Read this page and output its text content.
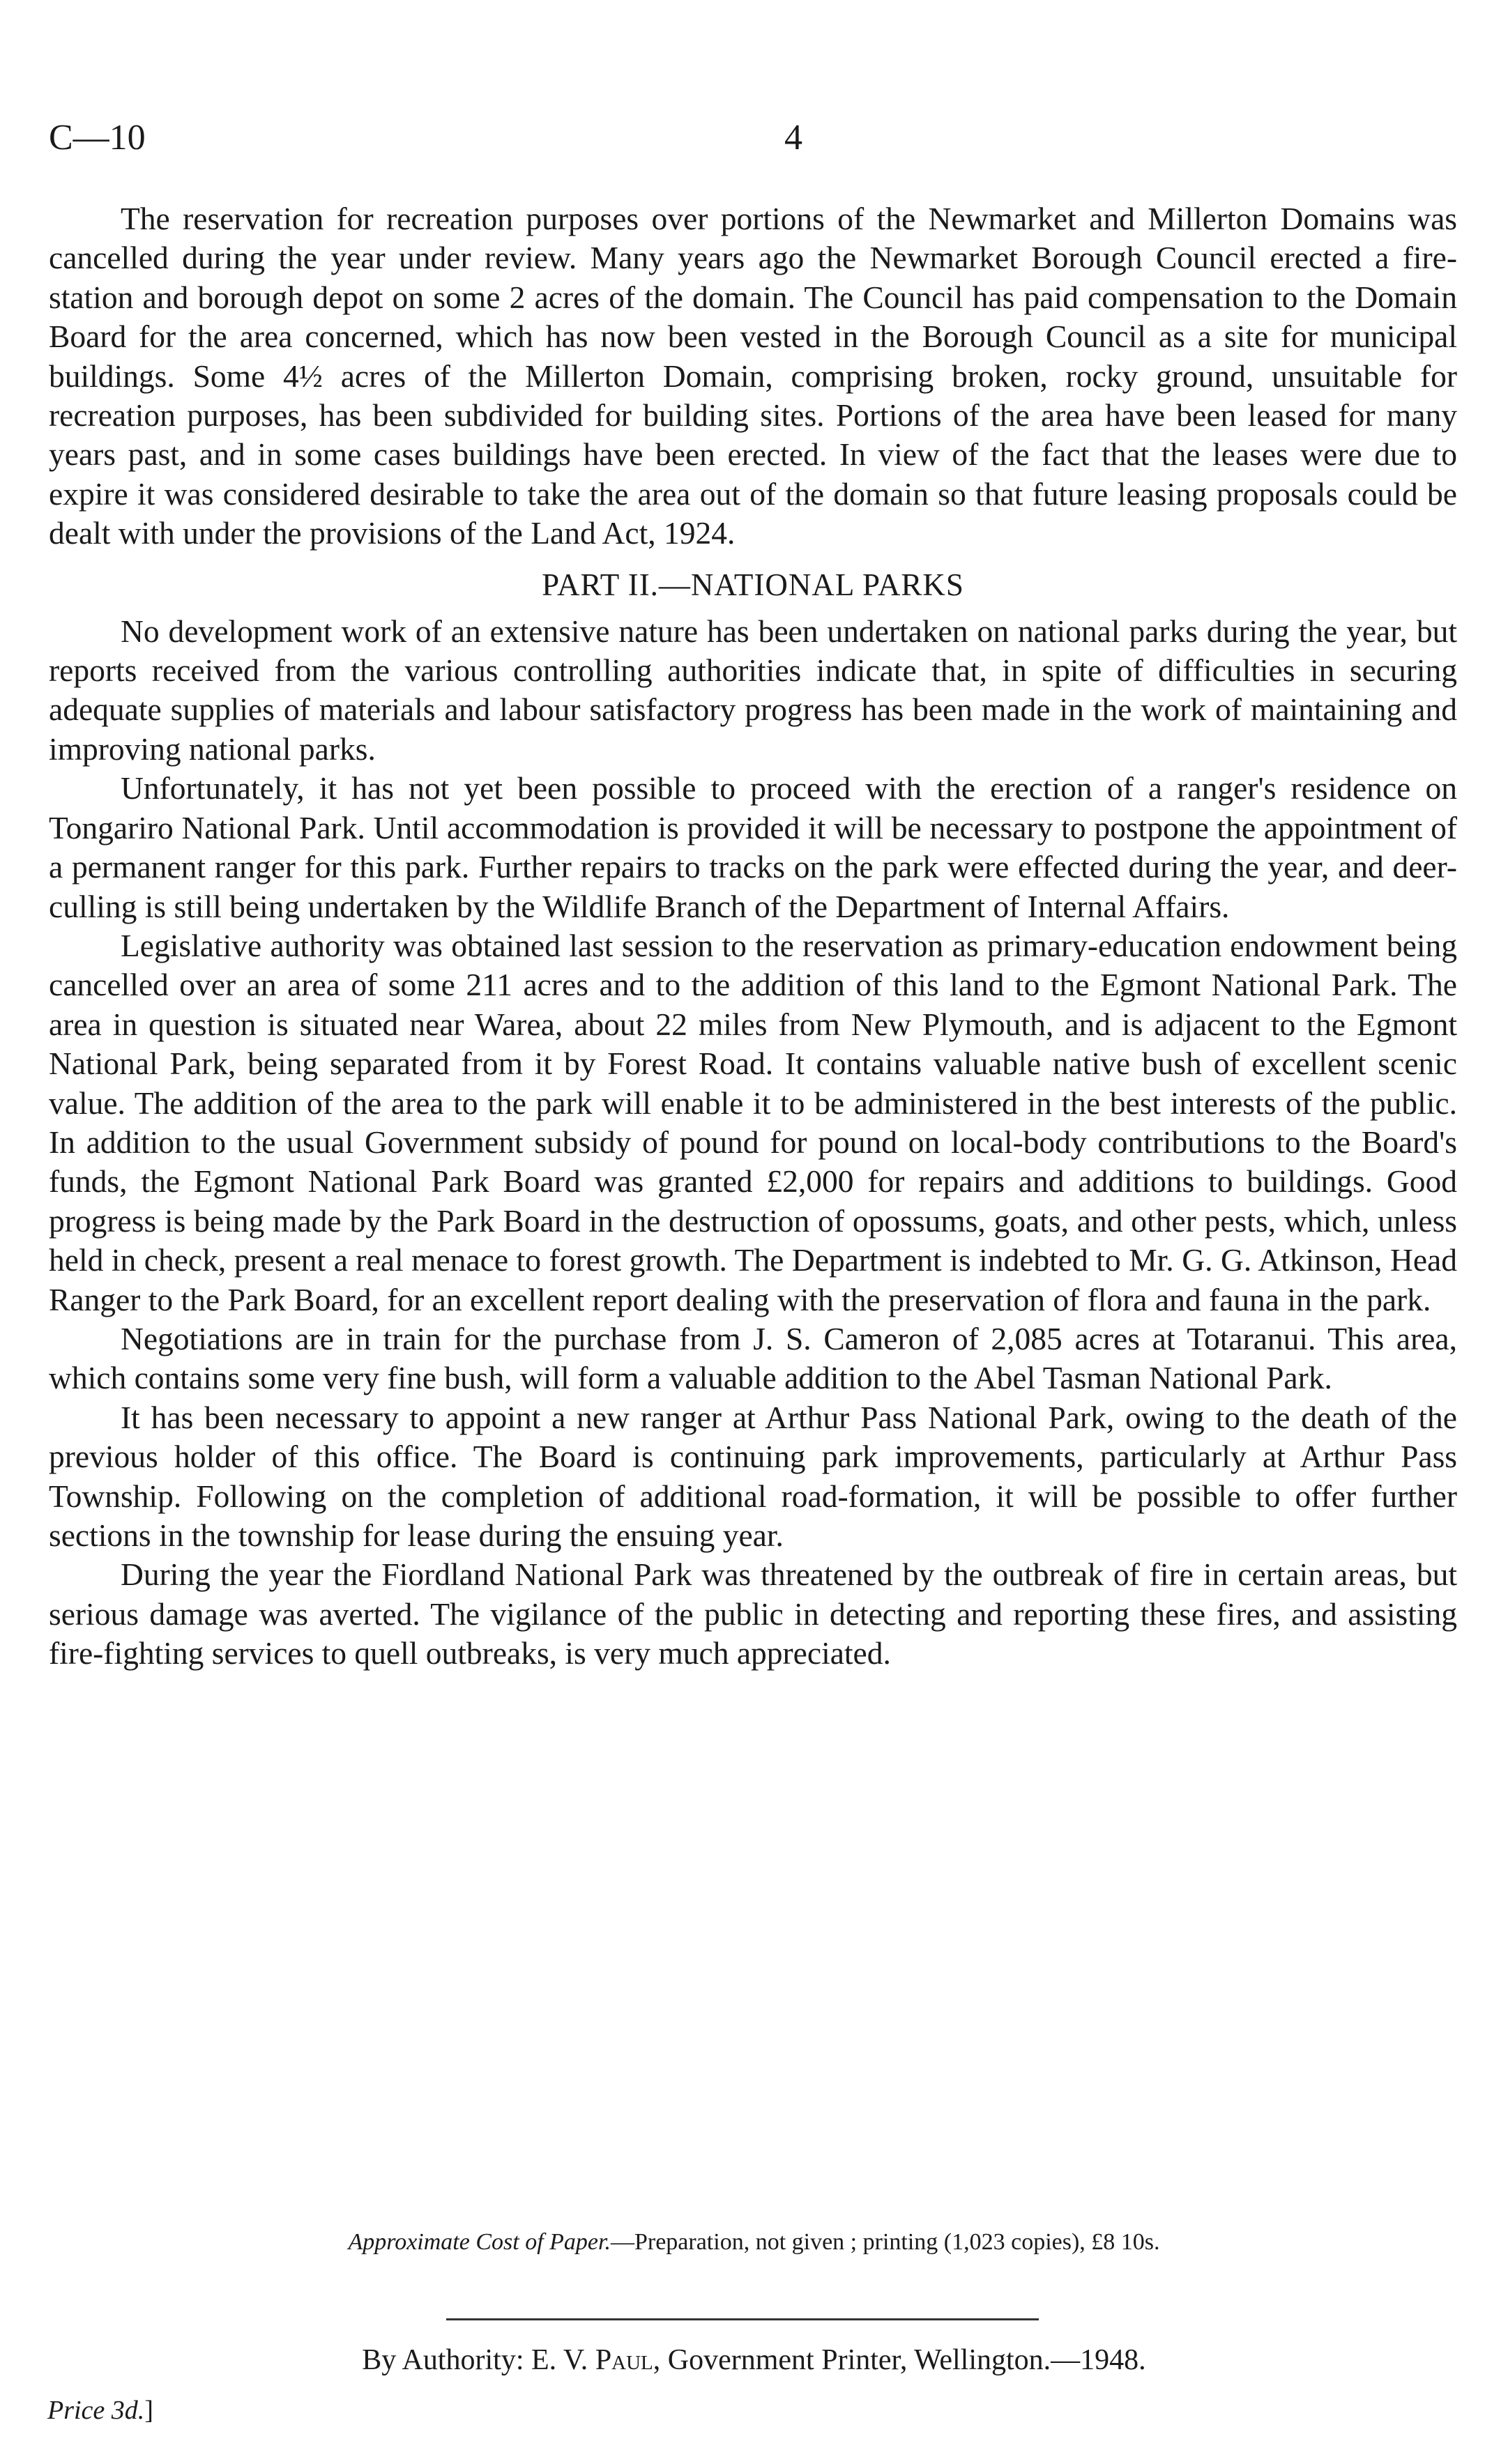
C—10	4

The reservation for recreation purposes over portions of the Newmarket and Millerton Domains was cancelled during the year under review. Many years ago the Newmarket Borough Council erected a fire-station and borough depot on some 2 acres of the domain. The Council has paid compensation to the Domain Board for the area concerned, which has now been vested in the Borough Council as a site for municipal buildings. Some 4½ acres of the Millerton Domain, comprising broken, rocky ground, unsuitable for recreation purposes, has been subdivided for building sites. Portions of the area have been leased for many years past, and in some cases buildings have been erected. In view of the fact that the leases were due to expire it was considered desirable to take the area out of the domain so that future leasing proposals could be dealt with under the provisions of the Land Act, 1924.

PART II.—NATIONAL PARKS

No development work of an extensive nature has been undertaken on national parks during the year, but reports received from the various controlling authorities indicate that, in spite of difficulties in securing adequate supplies of materials and labour satisfactory progress has been made in the work of maintaining and improving national parks.

Unfortunately, it has not yet been possible to proceed with the erection of a ranger's residence on Tongariro National Park. Until accommodation is provided it will be necessary to postpone the appointment of a permanent ranger for this park. Further repairs to tracks on the park were effected during the year, and deer-culling is still being undertaken by the Wildlife Branch of the Department of Internal Affairs.

Legislative authority was obtained last session to the reservation as primary-education endowment being cancelled over an area of some 211 acres and to the addition of this land to the Egmont National Park. The area in question is situated near Warea, about 22 miles from New Plymouth, and is adjacent to the Egmont National Park, being separated from it by Forest Road. It contains valuable native bush of excellent scenic value. The addition of the area to the park will enable it to be administered in the best interests of the public. In addition to the usual Government subsidy of pound for pound on local-body contributions to the Board's funds, the Egmont National Park Board was granted £2,000 for repairs and additions to buildings. Good progress is being made by the Park Board in the destruction of opossums, goats, and other pests, which, unless held in check, present a real menace to forest growth. The Department is indebted to Mr. G. G. Atkinson, Head Ranger to the Park Board, for an excellent report dealing with the preservation of flora and fauna in the park.

Negotiations are in train for the purchase from J. S. Cameron of 2,085 acres at Totaranui. This area, which contains some very fine bush, will form a valuable addition to the Abel Tasman National Park.

It has been necessary to appoint a new ranger at Arthur Pass National Park, owing to the death of the previous holder of this office. The Board is continuing park improvements, particularly at Arthur Pass Township. Following on the completion of additional road-formation, it will be possible to offer further sections in the township for lease during the ensuing year.

During the year the Fiordland National Park was threatened by the outbreak of fire in certain areas, but serious damage was averted. The vigilance of the public in detecting and reporting these fires, and assisting fire-fighting services to quell outbreaks, is very much appreciated.

Approximate Cost of Paper.—Preparation, not given ; printing (1,023 copies), £8 10s.
By Authority: E. V. Paul, Government Printer, Wellington.—1948.
Price 3d.]
